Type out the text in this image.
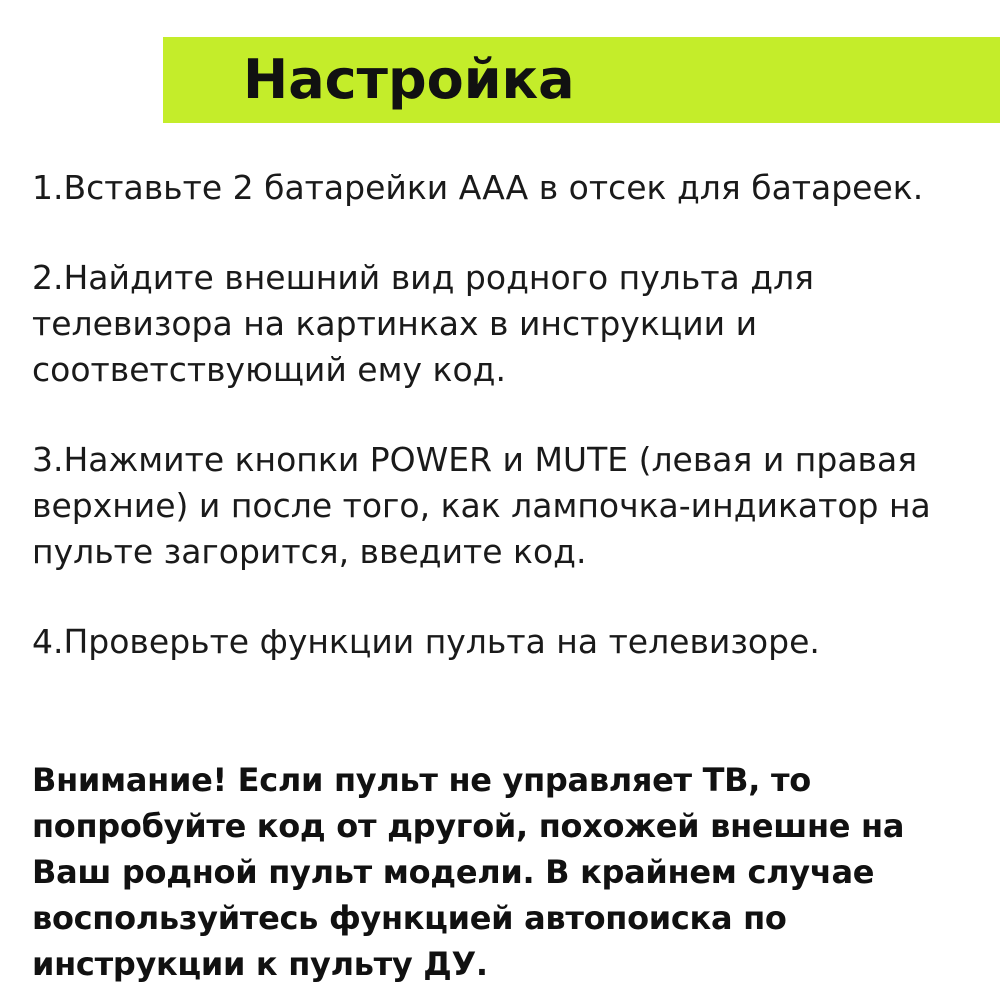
Настройка

1.Вставьте 2 батарейки AAA в отсек для батареек.

2.Найдите внешний вид родного пульта для телевизора на картинках в инструкции и соответствующий ему код.

3.Нажмите кнопки POWER и MUTE (левая и правая верхние) и после того, как лампочка-индикатор на пульте загорится, введите код.

4.Проверьте функции пульта на телевизоре.

Внимание! Если пульт не управляет ТВ, то попробуйте код от другой, похожей внешне на Ваш родной пульт модели. В крайнем случае воспользуйтесь функцией автопоиска по инструкции к пульту ДУ.
